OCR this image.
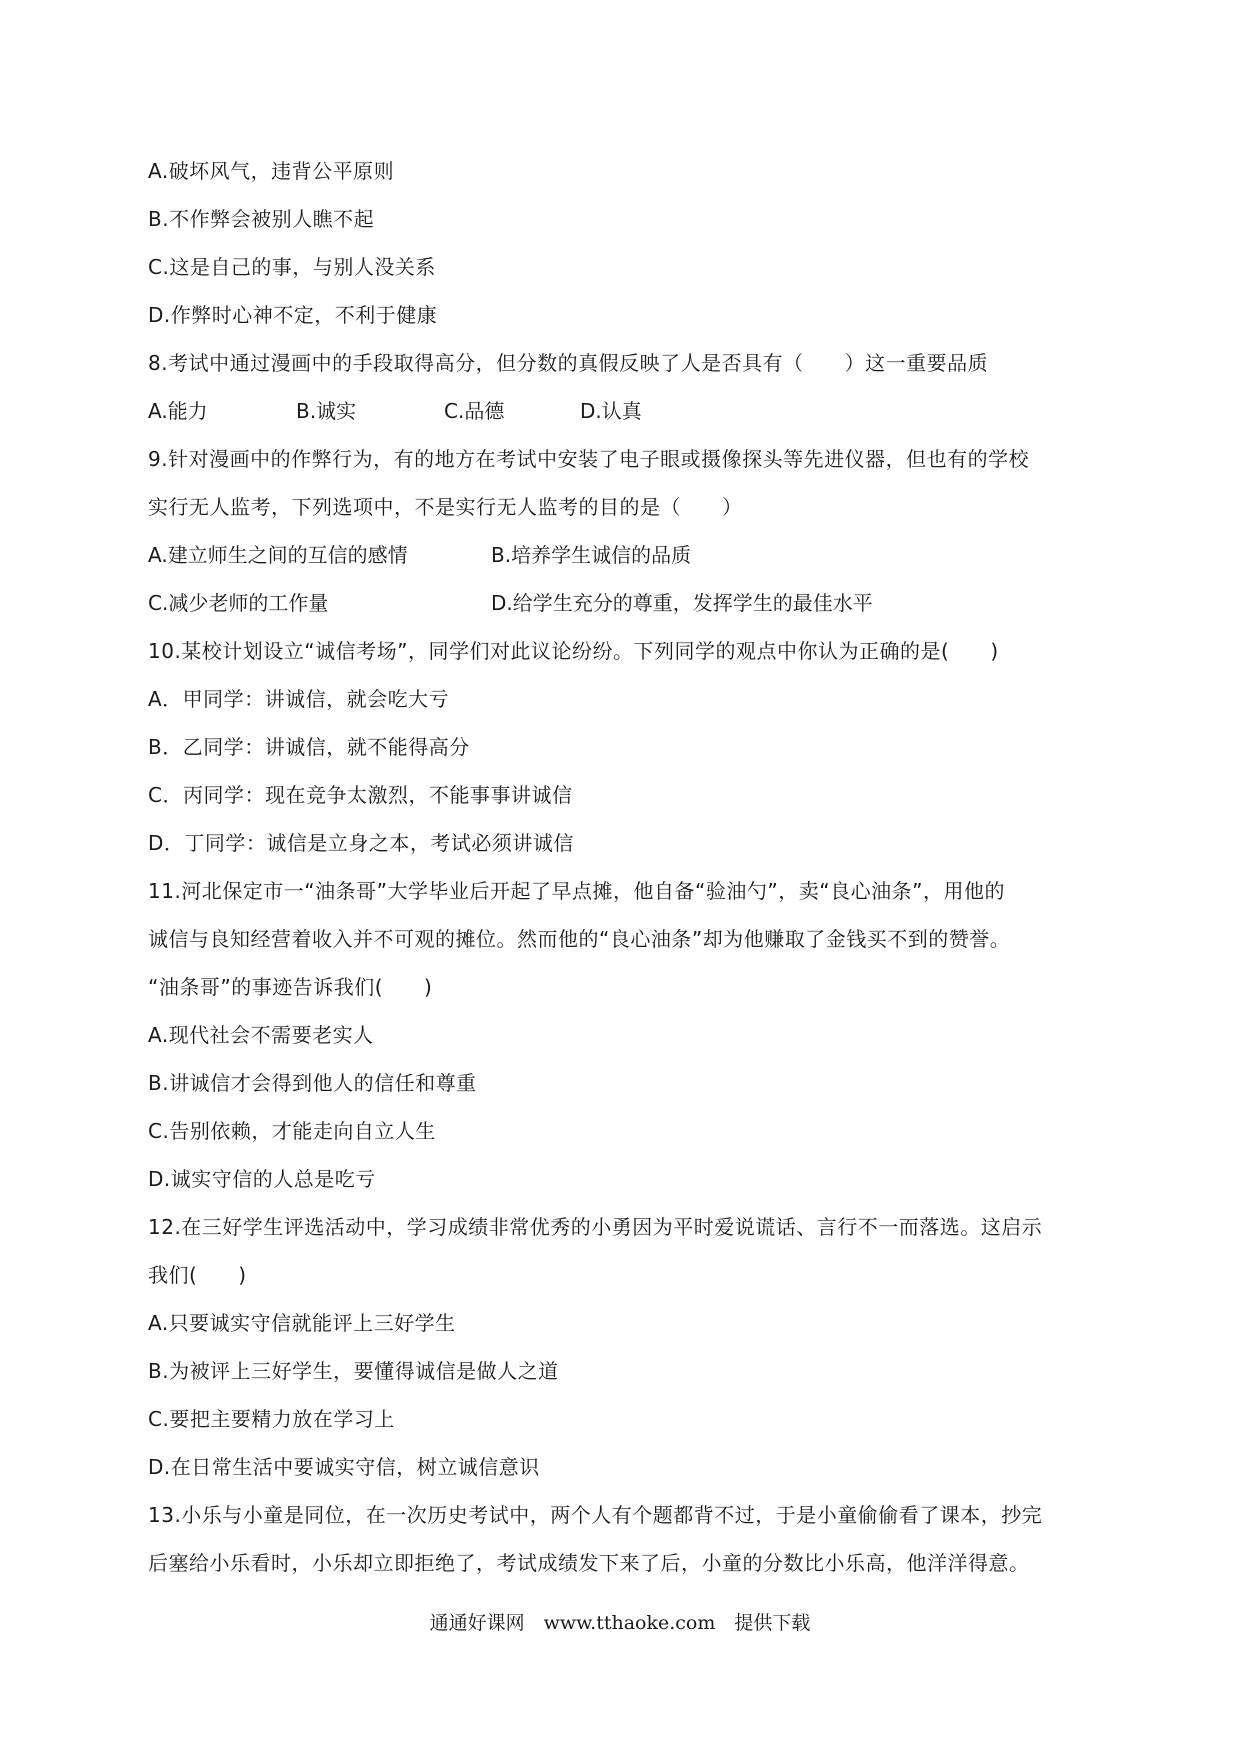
A.破坏风气，违背公平原则
B.不作弊会被别人瞧不起
C.这是自己的事，与别人没关系
D.作弊时心神不定，不利于健康
8.考试中通过漫画中的手段取得高分，但分数的真假反映了人是否具有（　　）这一重要品质
A.能力	B.诚实	C.品德	D.认真
9.针对漫画中的作弊行为，有的地方在考试中安装了电子眼或摄像探头等先进仪器，但也有的学校
实行无人监考，下列选项中，不是实行无人监考的目的是（　　）
A.建立师生之间的互信的感情	B.培养学生诚信的品质
C.减少老师的工作量	D.给学生充分的尊重，发挥学生的最佳水平
10.某校计划设立“诚信考场”，同学们对此议论纷纷。下列同学的观点中你认为正确的是(　　)
A．甲同学：讲诚信，就会吃大亏
B．乙同学：讲诚信，就不能得高分
C．丙同学：现在竞争太激烈，不能事事讲诚信
D．丁同学：诚信是立身之本，考试必须讲诚信
11.河北保定市一“油条哥”大学毕业后开起了早点摊，他自备“验油勺”，卖“良心油条”，用他的
诚信与良知经营着收入并不可观的摊位。然而他的“良心油条”却为他赚取了金钱买不到的赞誉。
“油条哥”的事迹告诉我们(　　)
A.现代社会不需要老实人
B.讲诚信才会得到他人的信任和尊重
C.告别依赖，才能走向自立人生
D.诚实守信的人总是吃亏
12.在三好学生评选活动中，学习成绩非常优秀的小勇因为平时爱说谎话、言行不一而落选。这启示
我们(　　)
A.只要诚实守信就能评上三好学生
B.为被评上三好学生，要懂得诚信是做人之道
C.要把主要精力放在学习上
D.在日常生活中要诚实守信，树立诚信意识
13.小乐与小童是同位，在一次历史考试中，两个人有个题都背不过，于是小童偷偷看了课本，抄完
后塞给小乐看时，小乐却立即拒绝了，考试成绩发下来了后，小童的分数比小乐高，他洋洋得意。
通通好课网　www.tthaoke.com　提供下载
